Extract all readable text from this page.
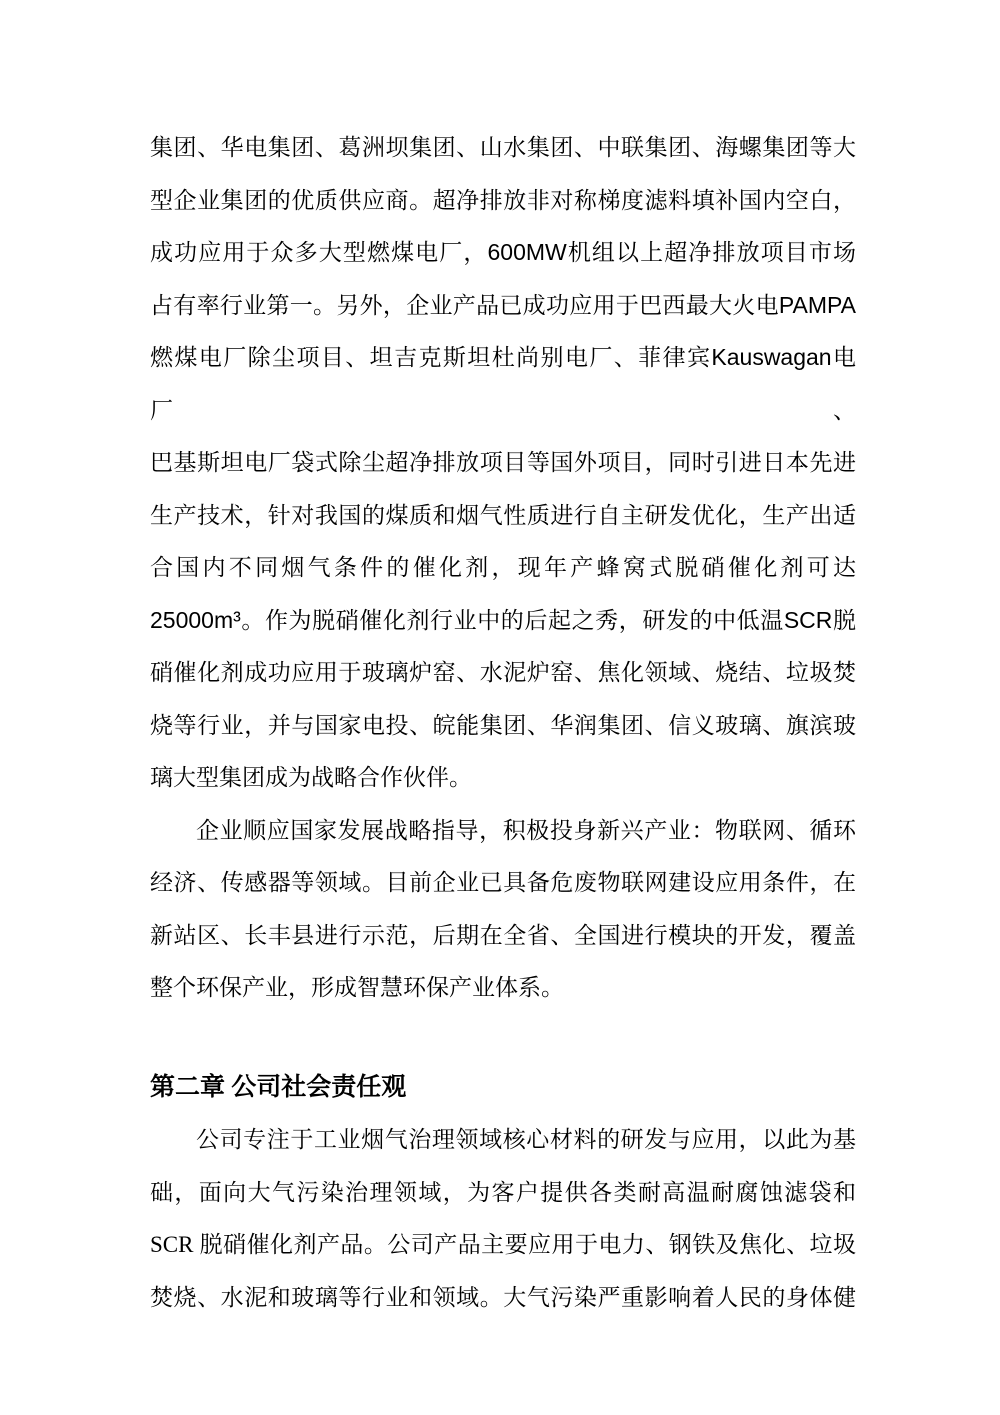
集团、华电集团、葛洲坝集团、山水集团、中联集团、海螺集团等大
型企业集团的优质供应商。超净排放非对称梯度滤料填补国内空白，
成功应用于众多大型燃煤电厂，600MW机组以上超净排放项目市场
占有率行业第一。另外，企业产品已成功应用于巴西最大火电PAMPA
燃煤电厂除尘项目、坦吉克斯坦杜尚别电厂、菲律宾Kauswagan电厂、
巴基斯坦电厂袋式除尘超净排放项目等国外项目，同时引进日本先进
生产技术，针对我国的煤质和烟气性质进行自主研发优化，生产出适
合国内不同烟气条件的催化剂，现年产蜂窝式脱硝催化剂可达
25000m³。作为脱硝催化剂行业中的后起之秀，研发的中低温SCR脱
硝催化剂成功应用于玻璃炉窑、水泥炉窑、焦化领域、烧结、垃圾焚
烧等行业，并与国家电投、皖能集团、华润集团、信义玻璃、旗滨玻
璃大型集团成为战略合作伙伴。
企业顺应国家发展战略指导，积极投身新兴产业：物联网、循环
经济、传感器等领域。目前企业已具备危废物联网建设应用条件，在
新站区、长丰县进行示范，后期在全省、全国进行模块的开发，覆盖
整个环保产业，形成智慧环保产业体系。
第二章 公司社会责任观
公司专注于工业烟气治理领域核心材料的研发与应用，以此为基
础，面向大气污染治理领域，为客户提供各类耐高温耐腐蚀滤袋和
SCR 脱硝催化剂产品。公司产品主要应用于电力、钢铁及焦化、垃圾
焚烧、水泥和玻璃等行业和领域。大气污染严重影响着人民的身体健
